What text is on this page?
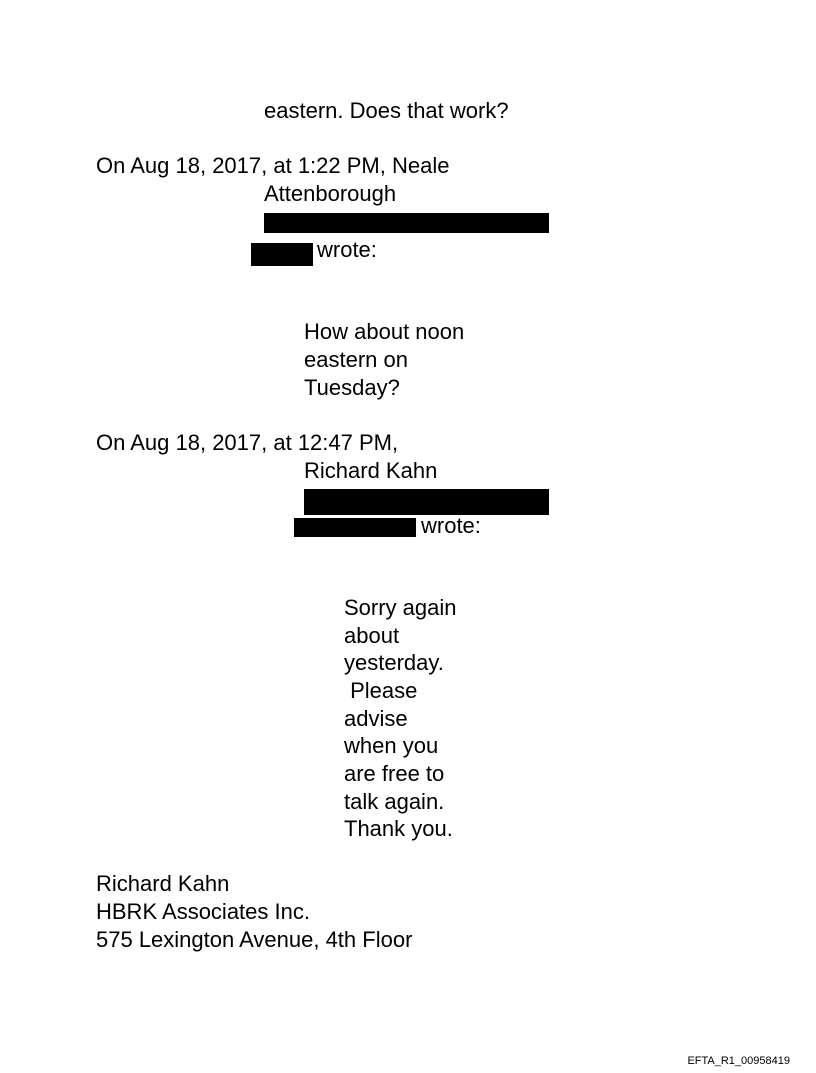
eastern. Does that work?

On Aug 18, 2017, at 1:22 PM, Neale

Attenborough

wrote:

How about noon

eastern on

Tuesday?

On Aug 18, 2017, at 12:47 PM,

Richard Kahn

wrote:

Sorry again

about

yesterday.

Please

advise

when you

are free to

talk again.

Thank you.

Richard Kahn

HBRK Associates Inc.

575 Lexington Avenue, 4th Floor

EFTA_R1_00958419
